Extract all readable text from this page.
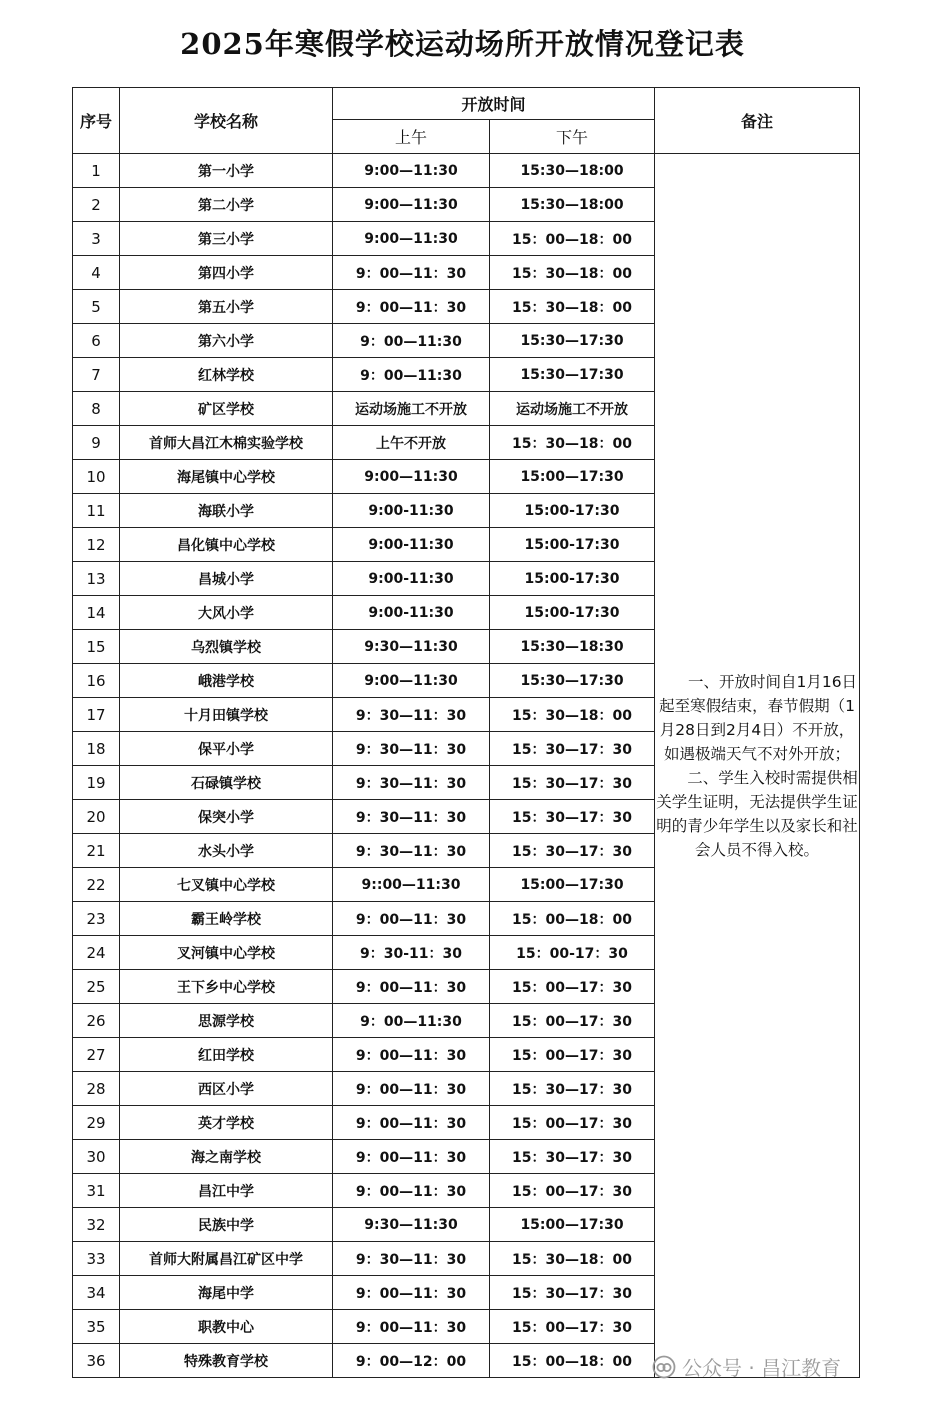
2025年寒假学校运动场所开放情况登记表
序号	学校名称	开放时间		备注
		上午	下午	
1	第一小学	9:00—11:30	15:30—18:00	一、开放时间自1月16日起至寒假结束，春节假期（1月28日到2月4日）不开放，如遇极端天气不对外开放；

二、学生入校时需提供相关学生证明，无法提供学生证明的青少年学生以及家长和社会人员不得入校。

2	第二小学	9:00—11:30	15:30—18:00	
3	第三小学	9:00—11:30	15：00—18：00	
4	第四小学	9：00—11：30	15：30—18：00	
5	第五小学	9：00—11：30	15：30—18：00	
6	第六小学	9：00—11:30	15:30—17:30	
7	红林学校	9：00—11:30	15:30—17:30	
8	矿区学校	运动场施工不开放	运动场施工不开放	
9	首师大昌江木棉实验学校	上午不开放	15：30—18：00	
10	海尾镇中心学校	9:00—11:30	15:00—17:30	
11	海联小学	9:00-11:30	15:00-17:30	
12	昌化镇中心学校	9:00-11:30	15:00-17:30	
13	昌城小学	9:00-11:30	15:00-17:30	
14	大风小学	9:00-11:30	15:00-17:30	
15	乌烈镇学校	9:30—11:30	15:30—18:30	
16	峨港学校	9:00—11:30	15:30—17:30	
17	十月田镇学校	9：30—11：30	15：30—18：00	
18	保平小学	9：30—11：30	15：30—17：30	
19	石碌镇学校	9：30—11：30	15：30—17：30	
20	保突小学	9：30—11：30	15：30—17：30	
21	水头小学	9：30—11：30	15：30—17：30	
22	七叉镇中心学校	9::00—11:30	15:00—17:30	
23	霸王岭学校	9：00—11：30	15：00—18：00	
24	叉河镇中心学校	9：30-11：30	15：00-17：30	
25	王下乡中心学校	9：00—11：30	15：00—17：30	
26	思源学校	9：00—11:30	15：00—17：30	
27	红田学校	9：00—11：30	15：00—17：30	
28	西区小学	9：00—11：30	15：30—17：30	
29	英才学校	9：00—11：30	15：00—17：30	
30	海之南学校	9：00—11：30	15：30—17：30	
31	昌江中学	9：00—11：30	15：00—17：30	
32	民族中学	9:30—11:30	15:00—17:30	
33	首师大附属昌江矿区中学	9：30—11：30	15：30—18：00	
34	海尾中学	9：00—11：30	15：30—17：30	
35	职教中心	9：00—11：30	15：00—17：30	
36	特殊教育学校	9：00—12：00	15：00—18：00		公众号 · 昌江教育
